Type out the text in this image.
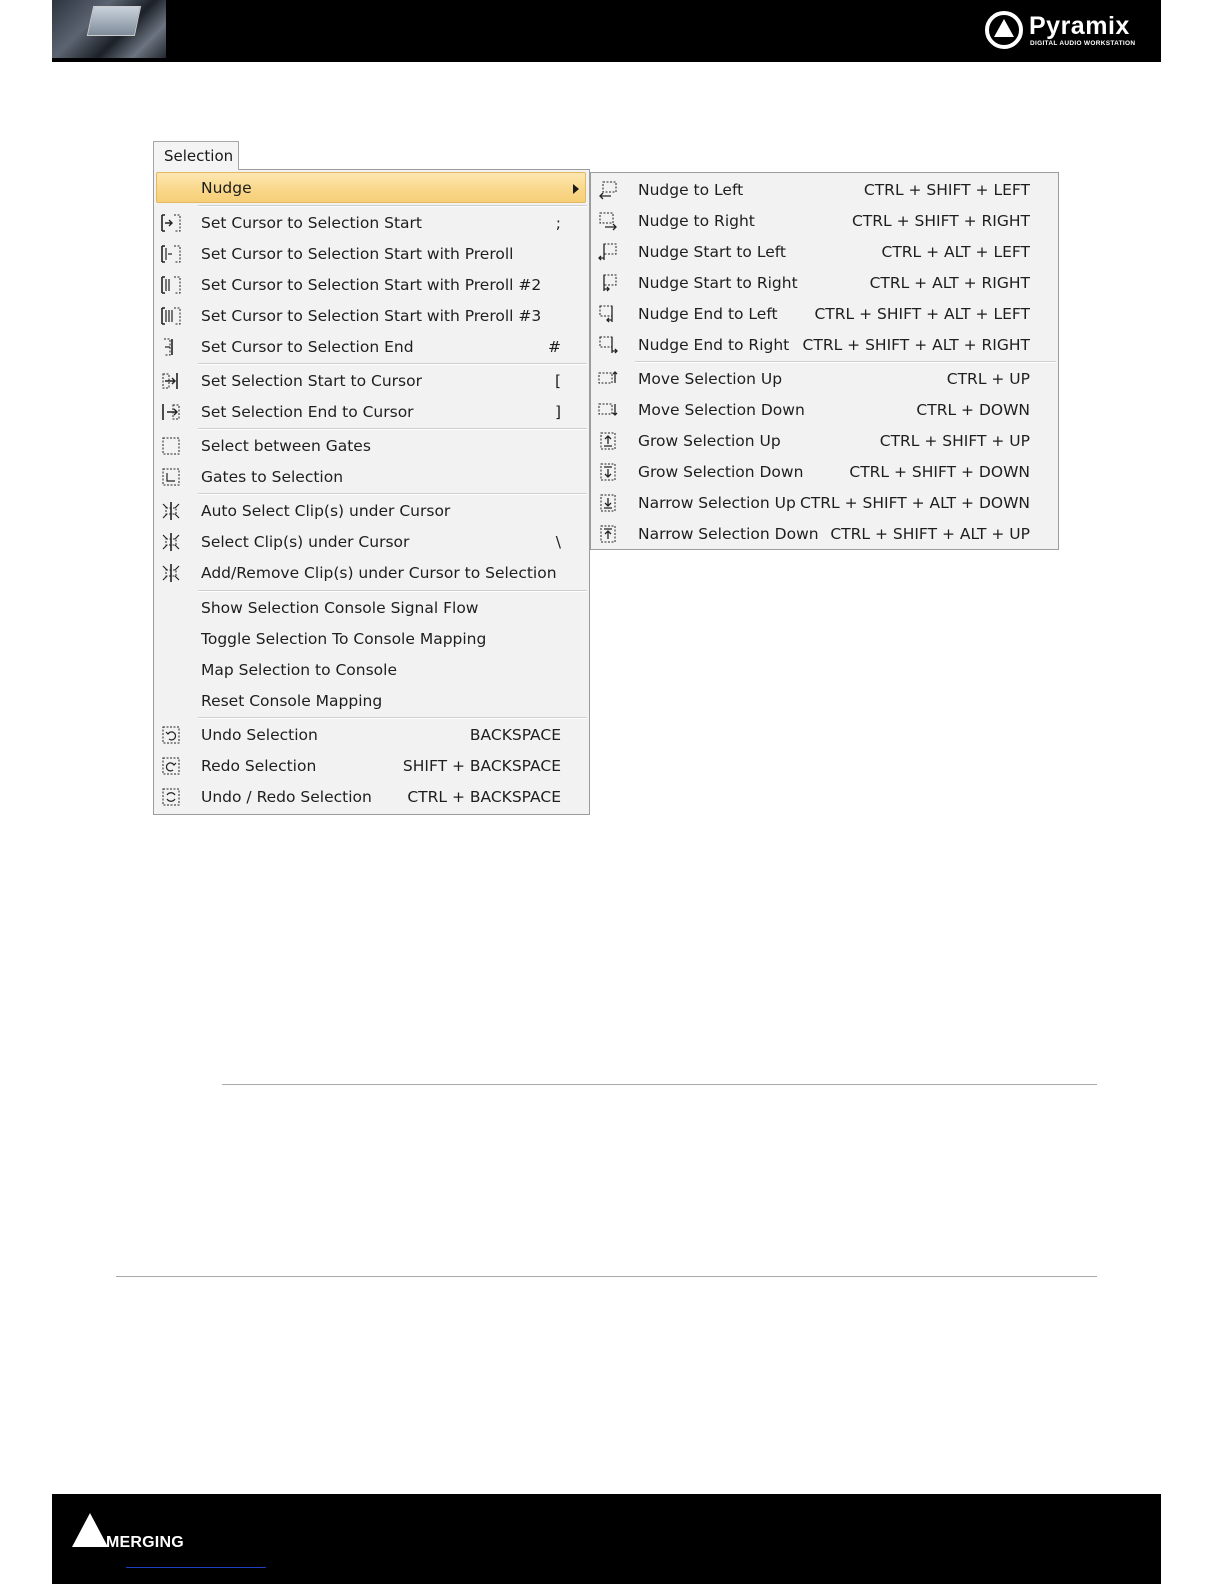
Pyramix
DIGITAL AUDIO WORKSTATION
Selection
Nudge
Set Cursor to Selection Start	;
Set Cursor to Selection Start with Preroll
Set Cursor to Selection Start with Preroll #2
Set Cursor to Selection Start with Preroll #3
Set Cursor to Selection End	#
Set Selection Start to Cursor	[
Set Selection End to Cursor	]
Select between Gates
Gates to Selection
Auto Select Clip(s) under Cursor
Select Clip(s) under Cursor	\
Add/Remove Clip(s) under Cursor to Selection
Show Selection Console Signal Flow
Toggle Selection To Console Mapping
Map Selection to Console
Reset Console Mapping
Undo Selection	BACKSPACE
Redo Selection	SHIFT + BACKSPACE
Undo / Redo Selection CTRL + BACKSPACE
Nudge to Left	CTRL + SHIFT + LEFT
Nudge to Right	CTRL + SHIFT + RIGHT
Nudge Start to Left	CTRL + ALT + LEFT
Nudge Start to Right	CTRL + ALT + RIGHT
Nudge End to Left CTRL + SHIFT + ALT + LEFT
Nudge End to Right CTRL + SHIFT + ALT + RIGHT
Move Selection Up	CTRL + UP
Move Selection Down	CTRL + DOWN
Grow Selection Up	CTRL + SHIFT + UP
Grow Selection Down	CTRL + SHIFT + DOWN
Narrow Selection Up CTRL + SHIFT + ALT + DOWN
Narrow Selection Down CTRL + SHIFT + ALT + UP
MERGING
